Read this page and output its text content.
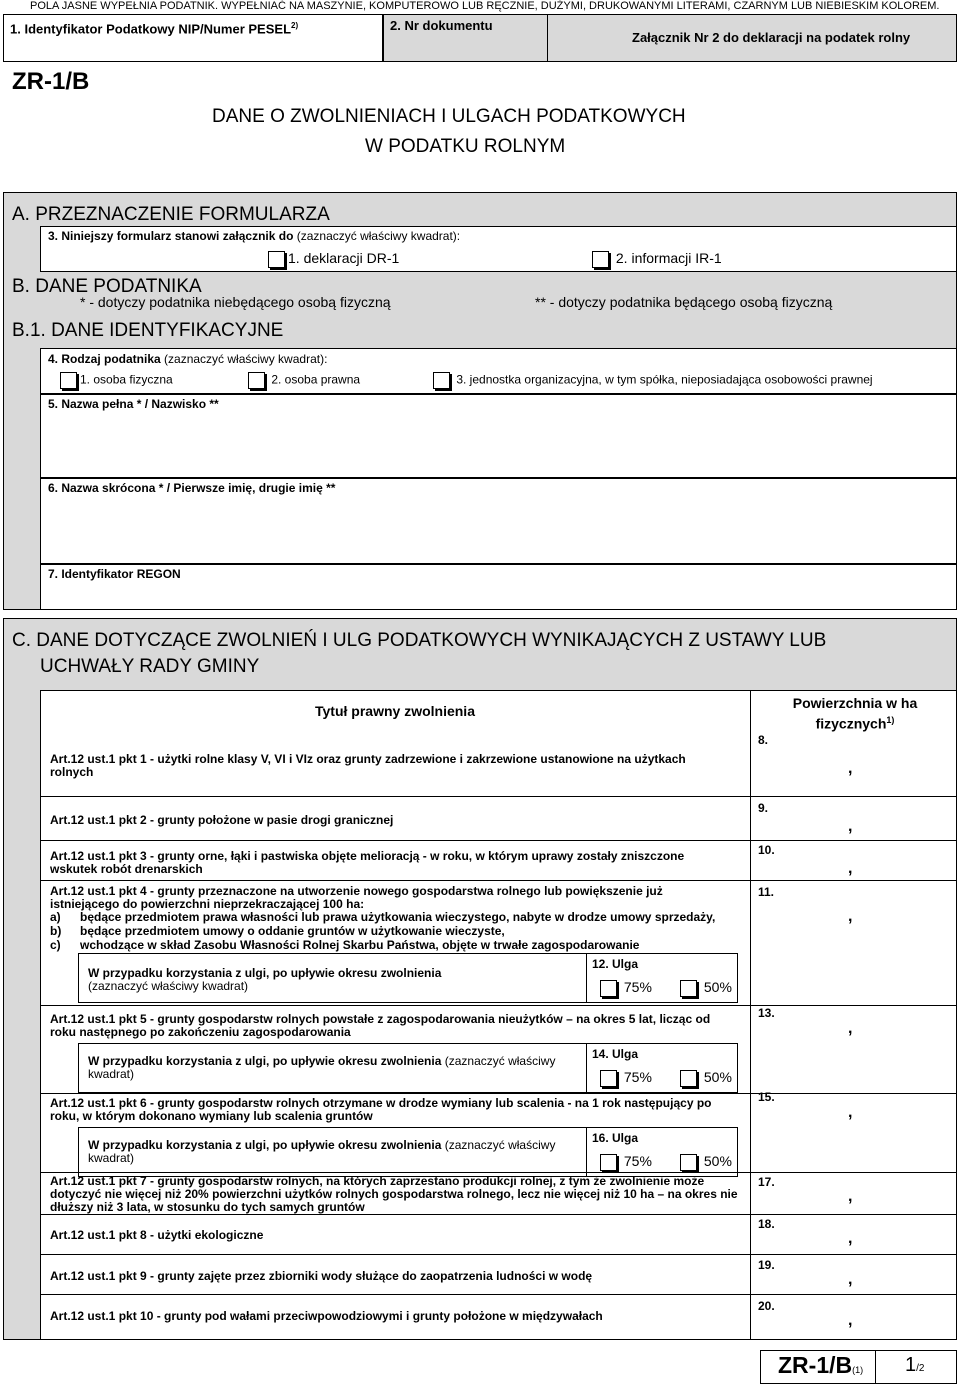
POLA JASNE WYPEŁNIA PODATNIK. WYPEŁNIAĆ NA MASZYNIE, KOMPUTEROWO LUB RĘCZNIE, DUŻYMI, DRUKOWANYMI LITERAMI, CZARNYM LUB NIEBIESKIM KOLOREM.
1. Identyfikator Podatkowy NIP/Numer PESEL$^{2)}$	2. Nr dokumentu
Załącznik Nr 2 do deklaracji na podatek rolny
ZR-1/B
DANE O ZWOLNIENIACH I ULGACH PODATKOWYCH
W PODATKU ROLNYM
A. PRZEZNACZENIE FORMULARZA
3. Niniejszy formularz stanowi załącznik do (zaznaczyć właściwy kwadrat):
1. deklaracji DR-1	2. informacji IR-1
B. DANE PODATNIKA
* - dotyczy podatnika niebędącego osobą fizyczną	** - dotyczy podatnika będącego osobą fizyczną
B.1. DANE IDENTYFIKACYJNE
4. Rodzaj podatnika (zaznaczyć właściwy kwadrat):
1. osoba fizyczna	2. osoba prawna	3. jednostka organizacyjna, w tym spółka, nieposiadająca osobowości prawnej
5. Nazwa pełna * / Nazwisko **
6. Nazwa skrócona * / Pierwsze imię, drugie imię **
7. Identyfikator REGON
C. DANE DOTYCZĄCE ZWOLNIEŃ I ULG PODATKOWYCH WYNIKAJĄCYCH Z USTAWY LUB
UCHWAŁY RADY GMINY
Tytuł prawny zwolnienia	Powierzchnia w ha fizycznych$^{1)}$
Art.12 ust.1 pkt 1 - użytki rolne klasy V, VI i VIz oraz grunty zadrzewione i zakrzewione ustanowione na użytkach rolnych
8.
,
Art.12 ust.1 pkt 2 - grunty położone w pasie drogi granicznej
9.
,
Art.12 ust.1 pkt 3 - grunty orne, łąki i pastwiska objęte melioracją - w roku, w którym uprawy zostały zniszczone wskutek robót drenarskich
10.
,
Art.12 ust.1 pkt 4 - grunty przeznaczone na utworzenie nowego gospodarstwa rolnego lub powiększenie już istniejącego do powierzchni nieprzekraczającej 100 ha:
a) będące przedmiotem prawa własności lub prawa użytkowania wieczystego, nabyte w drodze umowy sprzedaży,
b) będące przedmiotem umowy o oddanie gruntów w użytkowanie wieczyste,
c) wchodzące w skład Zasobu Własności Rolnej Skarbu Państwa, objęte w trwałe zagospodarowanie
11.
,
W przypadku korzystania z ulgi, po upływie okresu zwolnienia
(zaznaczyć właściwy kwadrat)
12. Ulga
75%	50%
Art.12 ust.1 pkt 5 - grunty gospodarstw rolnych powstałe z zagospodarowania nieużytków – na okres 5 lat, licząc od roku następnego po zakończeniu zagospodarowania
13.
,
W przypadku korzystania z ulgi, po upływie okresu zwolnienia (zaznaczyć właściwy kwadrat)
14. Ulga
75%	50%
Art.12 ust.1 pkt 6 - grunty gospodarstw rolnych otrzymane w drodze wymiany lub scalenia - na 1 rok następujący po roku, w którym dokonano wymiany lub scalenia gruntów
15.
,
W przypadku korzystania z ulgi, po upływie okresu zwolnienia (zaznaczyć właściwy kwadrat)
16. Ulga
75%	50%
Art.12 ust.1 pkt 7 - grunty gospodarstw rolnych, na których zaprzestano produkcji rolnej, z tym że zwolnienie może dotyczyć nie więcej niż 20% powierzchni użytków rolnych gospodarstwa rolnego, lecz nie więcej niż 10 ha – na okres nie dłuższy niż 3 lata, w stosunku do tych samych gruntów
17.
,
Art.12 ust.1 pkt 8 - użytki ekologiczne
18.
,
Art.12 ust.1 pkt 9 - grunty zajęte przez zbiorniki wody służące do zaopatrzenia ludności w wodę
19.
,
Art.12 ust.1 pkt 10 - grunty pod wałami przeciwpowodziowymi i grunty położone w międzywałach
20.
,
ZR-1/B(1) 1/2
